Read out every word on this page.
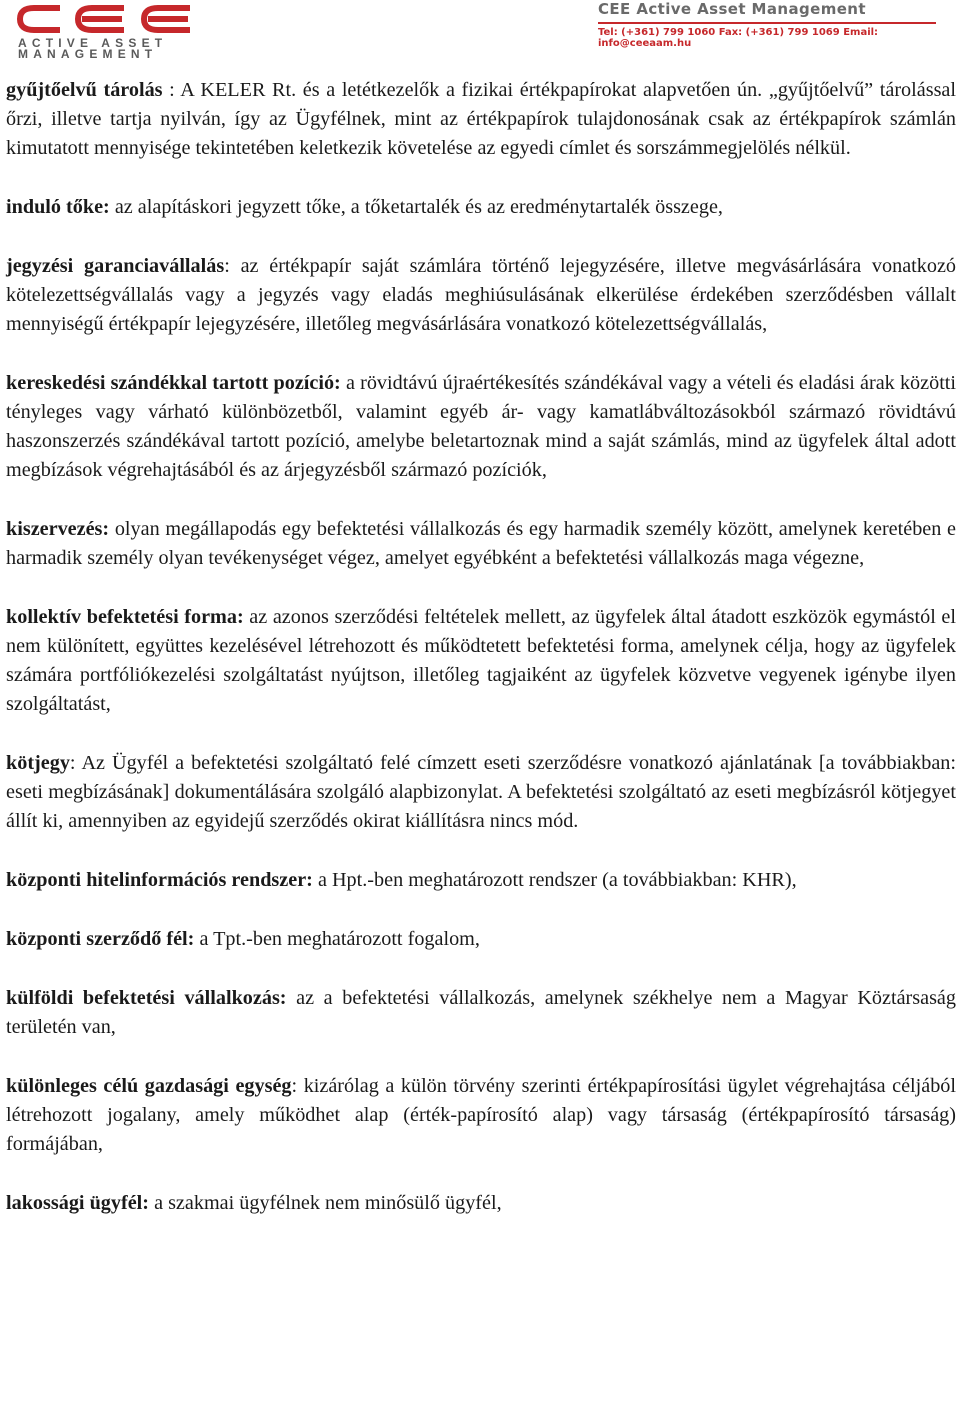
ACTIVE ASSET MANAGEMENT
CEE Active Asset Management
Tel: (+361) 799 1060 Fax: (+361) 799 1069 Email: info@ceeaam.hu

gyűjtőelvű tárolás : A KELER Rt. és a letétkezelők a fizikai értékpapírokat alapvetően ún. „gyűjtőelvű” tárolással őrzi, illetve tartja nyilván, így az Ügyfélnek, mint az értékpapírok tulajdonosának csak az értékpapírok számlán kimutatott mennyisége tekintetében keletkezik követelése az egyedi címlet és sorszámmegjelölés nélkül.

induló tőke: az alapításkori jegyzett tőke, a tőketartalék és az eredménytartalék összege,

jegyzési garanciavállalás: az értékpapír saját számlára történő lejegyzésére, illetve megvásárlására vonatkozó kötelezettségvállalás vagy a jegyzés vagy eladás meghiúsulásának elkerülése érdekében szerződésben vállalt mennyiségű értékpapír lejegyzésére, illetőleg megvásárlására vonatkozó kötelezettségvállalás,

kereskedési szándékkal tartott pozíció: a rövidtávú újraértékesítés szándékával vagy a vételi és eladási árak közötti tényleges vagy várható különbözetből, valamint egyéb ár- vagy kamatlábváltozásokból származó rövidtávú haszonszerzés szándékával tartott pozíció, amelybe beletartoznak mind a saját számlás, mind az ügyfelek által adott megbízások végrehajtásából és az árjegyzésből származó pozíciók,

kiszervezés: olyan megállapodás egy befektetési vállalkozás és egy harmadik személy között, amelynek keretében e harmadik személy olyan tevékenységet végez, amelyet egyébként a befektetési vállalkozás maga végezne,

kollektív befektetési forma: az azonos szerződési feltételek mellett, az ügyfelek által átadott eszközök egymástól el nem különített, együttes kezelésével létrehozott és működtetett befektetési forma, amelynek célja, hogy az ügyfelek számára portfóliókezelési szolgáltatást nyújtson, illetőleg tagjaiként az ügyfelek közvetve vegyenek igénybe ilyen szolgáltatást,

kötjegy: Az Ügyfél a befektetési szolgáltató felé címzett eseti szerződésre vonatkozó ajánlatának [a továbbiakban: eseti megbízásának] dokumentálására szolgáló alapbizonylat. A befektetési szolgáltató az eseti megbízásról kötjegyet állít ki, amennyiben az egyidejű szerződés okirat kiállításra nincs mód.

központi hitelinformációs rendszer: a Hpt.-ben meghatározott rendszer (a továbbiakban: KHR),

központi szerződő fél: a Tpt.-ben meghatározott fogalom,

külföldi befektetési vállalkozás: az a befektetési vállalkozás, amelynek székhelye nem a Magyar Köztársaság területén van,

különleges célú gazdasági egység: kizárólag a külön törvény szerinti értékpapírosítási ügylet végrehajtása céljából létrehozott jogalany, amely működhet alap (érték-papírosító alap) vagy társaság (értékpapírosító társaság) formájában,

lakossági ügyfél: a szakmai ügyfélnek nem minősülő ügyfél,
